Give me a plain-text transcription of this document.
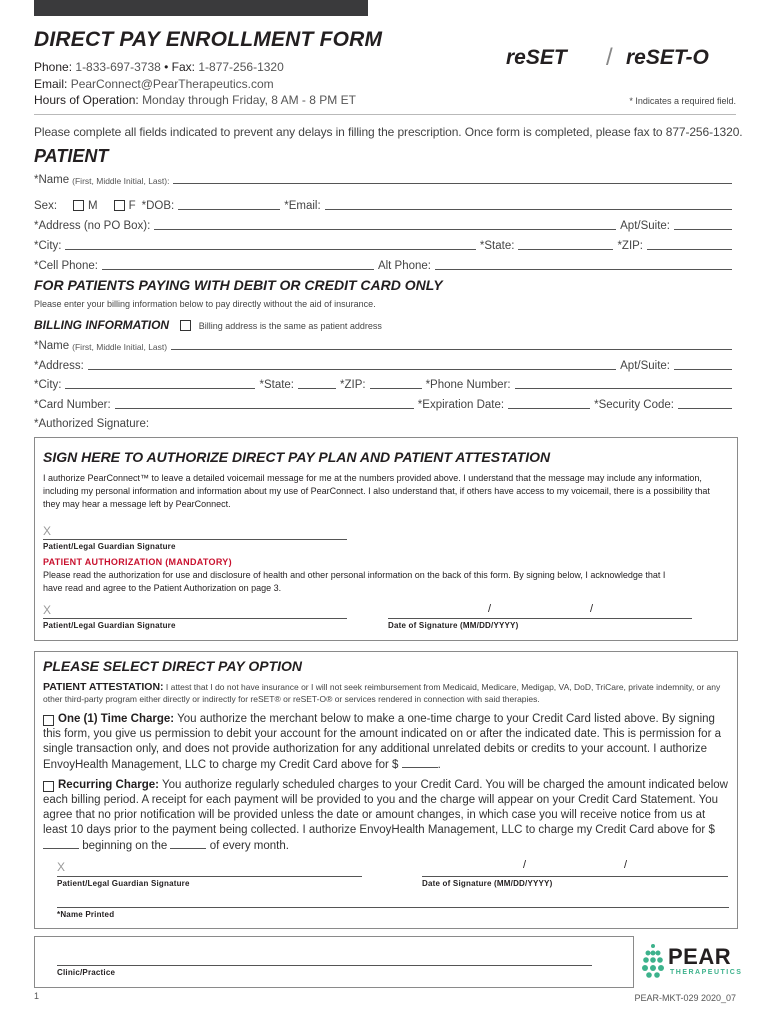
DIRECT PAY ENROLLMENT FORM
Phone: 1-833-697-3738 • Fax: 1-877-256-1320
Email: PearConnect@PearTherapeutics.com
Hours of Operation: Monday through Friday, 8 AM - 8 PM ET
reSET / reSET-O
* Indicates a required field.
Please complete all fields indicated to prevent any delays in filling the prescription. Once form is completed, please fax to 877-256-1320.
PATIENT
*Name (First, Middle Initial, Last):
Sex:	M	F *DOB:	*Email:
*Address (no PO Box):	Apt/Suite:
*City:	*State:	*ZIP:
*Cell Phone:	Alt Phone:
FOR PATIENTS PAYING WITH DEBIT OR CREDIT CARD ONLY
Please enter your billing information below to pay directly without the aid of insurance.
BILLING INFORMATION	Billing address is the same as patient address
*Name (First, Middle Initial, Last)
*Address:	Apt/Suite:
*City:	*State:	*ZIP:	*Phone Number:
*Card Number:	*Expiration Date:	*Security Code:
*Authorized Signature:
SIGN HERE TO AUTHORIZE DIRECT PAY PLAN AND PATIENT ATTESTATION
I authorize PearConnect™ to leave a detailed voicemail message for me at the numbers provided above. I understand that the message may include any information, including my personal information and information about my use of PearConnect. I also understand that, if others have access to my voicemail, there is a possibility that they may hear a message left by PearConnect.
X
Patient/Legal Guardian Signature
PATIENT AUTHORIZATION (MANDATORY)
Please read the authorization for use and disclosure of health and other personal information on the back of this form. By signing below, I acknowledge that I have read and agree to the Patient Authorization on page 3.
X
Patient/Legal Guardian Signature
/	/
Date of Signature (MM/DD/YYYY)
PLEASE SELECT DIRECT PAY OPTION
PATIENT ATTESTATION: I attest that I do not have insurance or I will not seek reimbursement from Medicaid, Medicare, Medigap, VA, DoD, TriCare, private indemnity, or any other third-party program either directly or indirectly for reSET® or reSET-O® or services rendered in connection with said therapies.
One (1) Time Charge: You authorize the merchant below to make a one-time charge to your Credit Card listed above. By signing this form, you give us permission to debit your account for the amount indicated on or after the indicated date. This is permission for a single transaction only, and does not provide authorization for any additional unrelated debits or credits to your account. I authorize EnvoyHealth Management, LLC to charge my Credit Card above for $	.
Recurring Charge: You authorize regularly scheduled charges to your Credit Card. You will be charged the amount indicated below each billing period. A receipt for each payment will be provided to you and the charge will appear on your Credit Card Statement. You agree that no prior notification will be provided unless the date or amount changes, in which case you will receive notice from us at least 10 days prior to the payment being collected. I authorize EnvoyHealth Management, LLC to charge my Credit Card above for $  beginning on the	of every month.
X
Patient/Legal Guardian Signature
/	/
Date of Signature (MM/DD/YYYY)
*Name Printed
Clinic/Practice
PEAR
THERAPEUTICS
1	PEAR-MKT-029 2020_07
